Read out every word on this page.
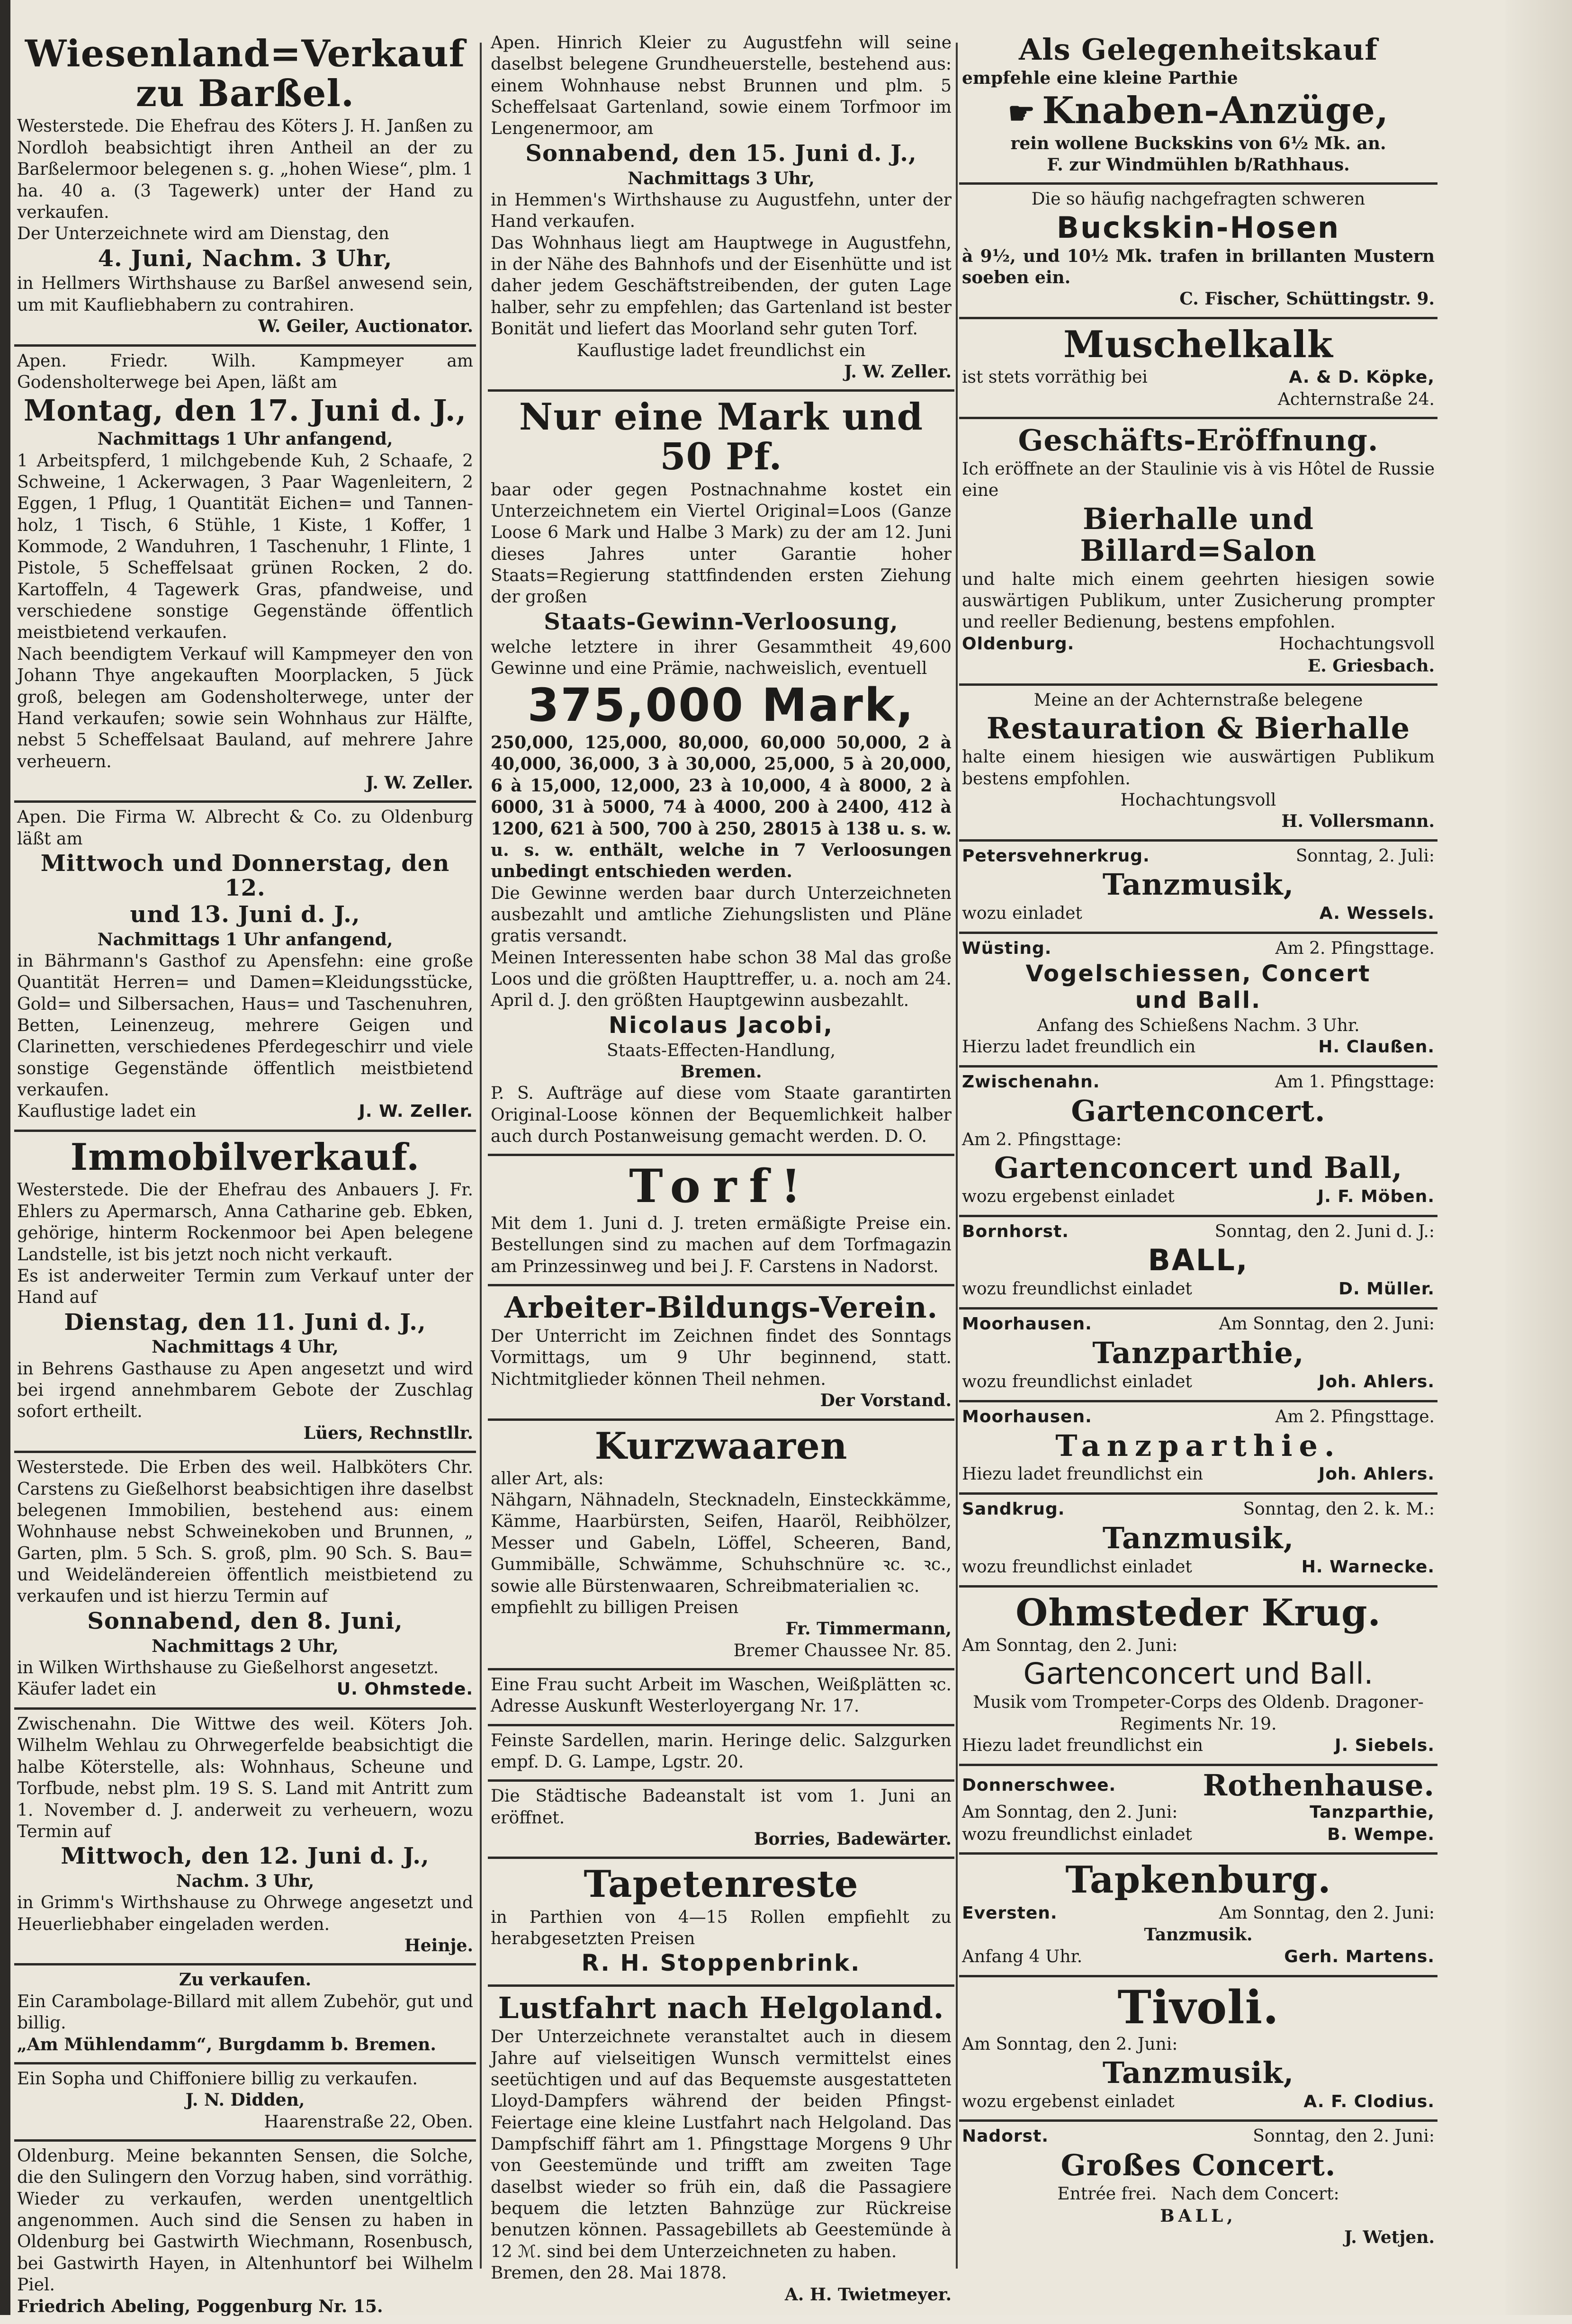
Wiesenland=Verkauf zu Barßel.

Westerstede. Die Ehefrau des Köters J. H. Janßen zu Nordloh beabsichtigt ihren Antheil an der zu Barßelermoor belegenen s. g. „hohen Wiese“, plm. 1 ha. 40 a. (3 Tagewerk) unter der Hand zu verkaufen.

Der Unterzeichnete wird am Dienstag, den

4. Juni, Nachm. 3 Uhr,

in Hellmers Wirthshause zu Barßel anwesend sein, um mit Kaufliebhabern zu contrahiren.

W. Geiler, Auctionator.

Apen. Friedr. Wilh. Kampmeyer am Godensholterwege bei Apen, läßt am

Montag, den 17. Juni d. J.,

Nachmittags 1 Uhr anfangend,

1 Arbeitspferd, 1 milchgebende Kuh, 2 Schaafe, 2 Schweine, 1 Ackerwagen, 3 Paar Wagenleitern, 2 Eggen, 1 Pflug, 1 Quantität Eichen= und Tannen-holz, 1 Tisch, 6 Stühle, 1 Kiste, 1 Koffer, 1 Kommode, 2 Wanduhren, 1 Taschenuhr, 1 Flinte, 1 Pistole, 5 Scheffelsaat grünen Rocken, 2 do. Kartoffeln, 4 Tagewerk Gras, pfandweise, und verschiedene sonstige Gegenstände öffentlich meistbietend verkaufen.

Nach beendigtem Verkauf will Kampmeyer den von Johann Thye angekauften Moorplacken, 5 Jück groß, belegen am Godensholterwege, unter der Hand verkaufen; sowie sein Wohnhaus zur Hälfte, nebst 5 Scheffelsaat Bauland, auf mehrere Jahre verheuern.

J. W. Zeller.

Apen. Die Firma W. Albrecht & Co. zu Oldenburg läßt am

Mittwoch und Donnerstag, den 12.
und 13. Juni d. J.,

Nachmittags 1 Uhr anfangend,

in Bährmann's Gasthof zu Apensfehn: eine große Quantität Herren= und Damen=Kleidungsstücke, Gold= und Silbersachen, Haus= und Taschenuhren, Betten, Leinenzeug, mehrere Geigen und Clarinetten, verschiedenes Pferdegeschirr und viele sonstige Gegenstände öffentlich meistbietend verkaufen.

Kauflustige ladet ein	J. W. Zeller.
Immobilverkauf.

Westerstede. Die der Ehefrau des Anbauers J. Fr. Ehlers zu Apermarsch, Anna Catharine geb. Ebken, gehörige, hinterm Rockenmoor bei Apen belegene Landstelle, ist bis jetzt noch nicht verkauft.

Es ist anderweiter Termin zum Verkauf unter der Hand auf

Dienstag, den 11. Juni d. J.,

Nachmittags 4 Uhr,

in Behrens Gasthause zu Apen angesetzt und wird bei irgend annehmbarem Gebote der Zuschlag sofort ertheilt.

Lüers, Rechnstllr.

Westerstede. Die Erben des weil. Halbköters Chr. Carstens zu Gießelhorst beabsichtigen ihre daselbst belegenen Immobilien, bestehend aus: einem Wohnhause nebst Schweinekoben und Brunnen, „ Garten, plm. 5 Sch. S. groß, plm. 90 Sch. S. Bau= und Weideländereien öffentlich meistbietend zu verkaufen und ist hierzu Termin auf

Sonnabend, den 8. Juni,

Nachmittags 2 Uhr,

in Wilken Wirthshause zu Gießelhorst angesetzt.

Käufer ladet ein	U. Ohmstede.

Zwischenahn. Die Wittwe des weil. Köters Joh. Wilhelm Wehlau zu Ohrwegerfelde beabsichtigt die halbe Köterstelle, als: Wohnhaus, Scheune und Torfbude, nebst plm. 19 S. S. Land mit Antritt zum 1. November d. J. anderweit zu verheuern, wozu Termin auf

Mittwoch, den 12. Juni d. J.,

Nachm. 3 Uhr,

in Grimm's Wirthshause zu Ohrwege angesetzt und Heuerliebhaber eingeladen werden.

Heinje.

Zu verkaufen.

Ein Carambolage-Billard mit allem Zubehör, gut und billig.

„Am Mühlendamm“, Burgdamm b. Bremen.

Ein Sopha und Chiffoniere billig zu verkaufen.

J. N. Didden,

Haarenstraße 22, Oben.

Oldenburg. Meine bekannten Sensen, die Solche, die den Sulingern den Vorzug haben, sind vorräthig. Wieder zu verkaufen, werden unentgeltlich angenommen. Auch sind die Sensen zu haben in Oldenburg bei Gastwirth Wiechmann, Rosenbusch, bei Gastwirth Hayen, in Altenhuntorf bei Wilhelm Piel.

Friedrich Abeling, Poggenburg Nr. 15.

Apen. Hinrich Kleier zu Augustfehn will seine daselbst belegene Grundheuerstelle, bestehend aus: einem Wohnhause nebst Brunnen und plm. 5 Scheffelsaat Gartenland, sowie einem Torfmoor im Lengenermoor, am

Sonnabend, den 15. Juni d. J.,

Nachmittags 3 Uhr,

in Hemmen's Wirthshause zu Augustfehn, unter der Hand verkaufen.

Das Wohnhaus liegt am Hauptwege in Augustfehn, in der Nähe des Bahnhofs und der Eisenhütte und ist daher jedem Geschäftstreibenden, der guten Lage halber, sehr zu empfehlen; das Gartenland ist bester Bonität und liefert das Moorland sehr guten Torf.

Kauflustige ladet freundlichst ein

J. W. Zeller.

Nur eine Mark und 50 Pf.

baar oder gegen Postnachnahme kostet ein Unterzeichnetem ein Viertel Original=Loos (Ganze Loose 6 Mark und Halbe 3 Mark) zu der am 12. Juni dieses Jahres unter Garantie hoher Staats=Regierung stattfindenden ersten Ziehung der großen

Staats-Gewinn-Verloosung,

welche letztere in ihrer Gesammtheit 49,600 Gewinne und eine Prämie, nachweislich, eventuell

375,000 Mark,

250,000, 125,000, 80,000, 60,000 50,000, 2 à 40,000, 36,000, 3 à 30,000, 25,000, 5 à 20,000, 6 à 15,000, 12,000, 23 à 10,000, 4 à 8000, 2 à 6000, 31 à 5000, 74 à 4000, 200 à 2400, 412 à 1200, 621 à 500, 700 à 250, 28015 à 138 u. s. w. u. s. w. enthält, welche in 7 Verloosungen unbedingt entschieden werden.

Die Gewinne werden baar durch Unterzeichneten ausbezahlt und amtliche Ziehungslisten und Pläne gratis versandt.

Meinen Interessenten habe schon 38 Mal das große Loos und die größten Haupttreffer, u. a. noch am 24. April d. J. den größten Hauptgewinn ausbezahlt.

Nicolaus Jacobi,

Staats-Effecten-Handlung,

Bremen.

P. S. Aufträge auf diese vom Staate garantirten Original-Loose können der Bequemlichkeit halber auch durch Postanweisung gemacht werden. D. O.

Torf!

Mit dem 1. Juni d. J. treten ermäßigte Preise ein. Bestellungen sind zu machen auf dem Torfmagazin am Prinzessinweg und bei J. F. Carstens in Nadorst.

Arbeiter-Bildungs-Verein.

Der Unterricht im Zeichnen findet des Sonntags Vormittags, um 9 Uhr beginnend, statt. Nichtmitglieder können Theil nehmen.

Der Vorstand.

Kurzwaaren

aller Art, als:

Nähgarn, Nähnadeln, Stecknadeln, Einsteckkämme, Kämme, Haarbürsten, Seifen, Haaröl, Reibhölzer, Messer und Gabeln, Löffel, Scheeren, Band, Gummibälle, Schwämme, Schuhschnüre ꝛc. ꝛc., sowie alle Bürstenwaaren, Schreibmaterialien ꝛc.

empfiehlt zu billigen Preisen

Fr. Timmermann,

Bremer Chaussee Nr. 85.

Eine Frau sucht Arbeit im Waschen, Weißplätten ꝛc. Adresse Auskunft Westerloyergang Nr. 17.

Feinste Sardellen, marin. Heringe delic. Salzgurken empf. D. G. Lampe, Lgstr. 20.

Die Städtische Badeanstalt ist vom 1. Juni an eröffnet.

Borries, Badewärter.

Tapetenreste

in Parthien von 4—15 Rollen empfiehlt zu herabgesetzten Preisen

R. H. Stoppenbrink.
Lustfahrt nach Helgoland.

Der Unterzeichnete veranstaltet auch in diesem Jahre auf vielseitigen Wunsch vermittelst eines seetüchtigen und auf das Bequemste ausgestatteten Lloyd-Dampfers während der beiden Pfingst-Feiertage eine kleine Lustfahrt nach Helgoland. Das Dampfschiff fährt am 1. Pfingsttage Morgens 9 Uhr von Geestemünde und trifft am zweiten Tage daselbst wieder so früh ein, daß die Passagiere bequem die letzten Bahnzüge zur Rückreise benutzen können. Passagebillets ab Geestemünde à 12 ℳ. sind bei dem Unterzeichneten zu haben.

Bremen, den 28. Mai 1878.

A. H. Twietmeyer.

Als Gelegenheitskauf

empfehle eine kleine Parthie

☛ Knaben-Anzüge,

rein wollene Buckskins von 6½ Mk. an.

F. zur Windmühlen b/Rathhaus.

Die so häufig nachgefragten schweren

Buckskin-Hosen

à 9½, und 10½ Mk. trafen in brillanten Mustern soeben ein.

C. Fischer, Schüttingstr. 9.

Muschelkalk
ist stets vorräthig bei	A. & D. Köpke,

Achternstraße 24.

Geschäfts-Eröffnung.

Ich eröffnete an der Staulinie vis à vis Hôtel de Russie eine

Bierhalle und Billard=Salon

und halte mich einem geehrten hiesigen sowie auswärtigen Publikum, unter Zusicherung prompter und reeller Bedienung, bestens empfohlen.

Oldenburg.	Hochachtungsvoll

E. Griesbach.

Meine an der Achternstraße belegene

Restauration & Bierhalle

halte einem hiesigen wie auswärtigen Publikum bestens empfohlen.

Hochachtungsvoll

H. Vollersmann.

Petersvehnerkrug.	Sonntag, 2. Juli:
Tanzmusik,
wozu einladet	A. Wessels.
Wüsting.	Am 2. Pfingsttage.
Vogelschiessen, Concert
und Ball.

Anfang des Schießens Nachm. 3 Uhr.

Hierzu ladet freundlich ein	H. Claußen.
Zwischenahn.	Am 1. Pfingsttage:
Gartenconcert.

Am 2. Pfingsttage:

Gartenconcert und Ball,
wozu ergebenst einladet	J. F. Möben.
Bornhorst.	Sonntag, den 2. Juni d. J.:
BALL,
wozu freundlichst einladet	D. Müller.
Moorhausen.	Am Sonntag, den 2. Juni:
Tanzparthie,
wozu freundlichst einladet	Joh. Ahlers.
Moorhausen.	Am 2. Pfingsttage.
Tanzparthie.
Hiezu ladet freundlichst ein	Joh. Ahlers.
Sandkrug.	Sonntag, den 2. k. M.:
Tanzmusik,
wozu freundlichst einladet	H. Warnecke.
Ohmsteder Krug.

Am Sonntag, den 2. Juni:

Gartenconcert und Ball.

Musik vom Trompeter-Corps des Oldenb. Dragoner-Regiments Nr. 19.

Hiezu ladet freundlichst ein	J. Siebels.
Donnerschwee.	Rothenhause.
Am Sonntag, den 2. Juni:	Tanzparthie,
wozu freundlichst einladet	B. Wempe.
Tapkenburg.
Eversten.	Am Sonntag, den 2. Juni:

Tanzmusik.

Anfang 4 Uhr.	Gerh. Martens.
Tivoli.

Am Sonntag, den 2. Juni:

Tanzmusik,
wozu ergebenst einladet	A. F. Clodius.
Nadorst.	Sonntag, den 2. Juni:
Großes Concert.
Entrée frei. Nach dem Concert:

BALL,

J. Wetjen.
